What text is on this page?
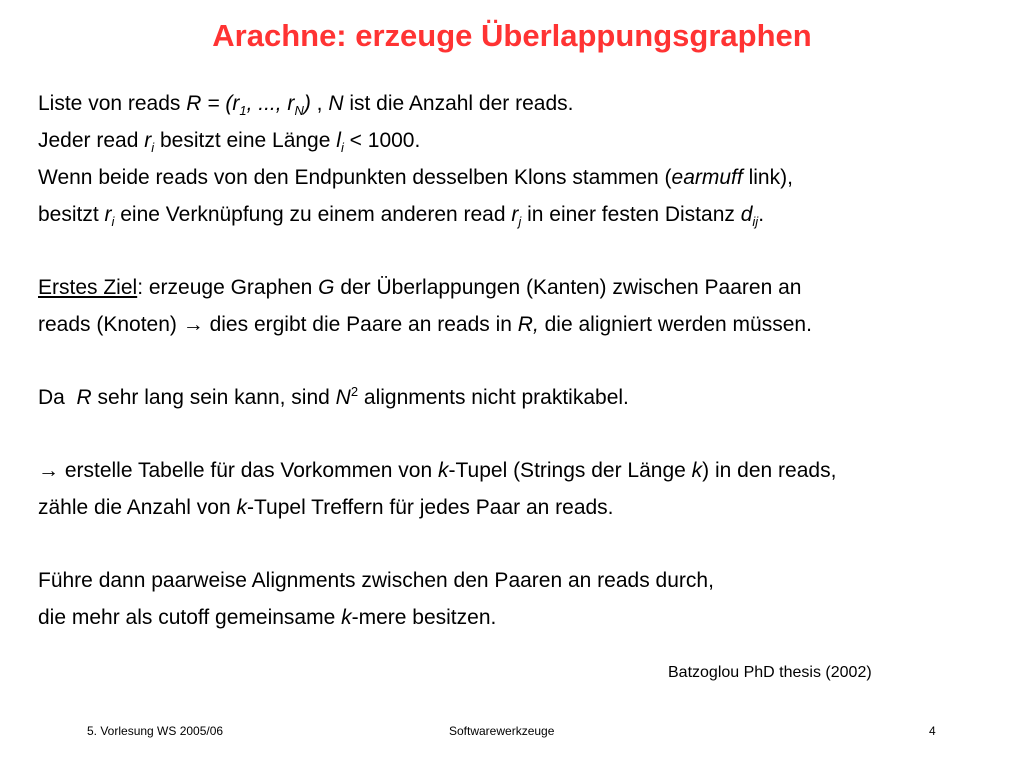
Arachne: erzeuge Überlappungsgraphen
Liste von reads $R = (r_1$, ..., $r_N$) , N ist die Anzahl der reads.
Jeder read $r_i$ besitzt eine Länge $l_i < 1000$.
Wenn beide reads von den Endpunkten desselben Klons stammen (earmuff link),
besitzt $r_i$ eine Verknüpfung zu einem anderen read $r_j$ in einer festen Distanz $d_{ij}$.
Erstes Ziel: erzeuge Graphen G der Überlappungen (Kanten) zwischen Paaren an
reads (Knoten) → dies ergibt die Paare an reads in R, die aligniert werden müssen.
Da  R sehr lang sein kann, sind $N^2$ alignments nicht praktikabel.
→ erstelle Tabelle für das Vorkommen von k-Tupel (Strings der Länge k) in den reads,
zähle die Anzahl von k-Tupel Treffern für jedes Paar an reads.
Führe dann paarweise Alignments zwischen den Paaren an reads durch,
die mehr als cutoff gemeinsame k-mere besitzen.
Batzoglou PhD thesis (2002)
5. Vorlesung WS 2005/06	Softwarewerkzeuge	4
